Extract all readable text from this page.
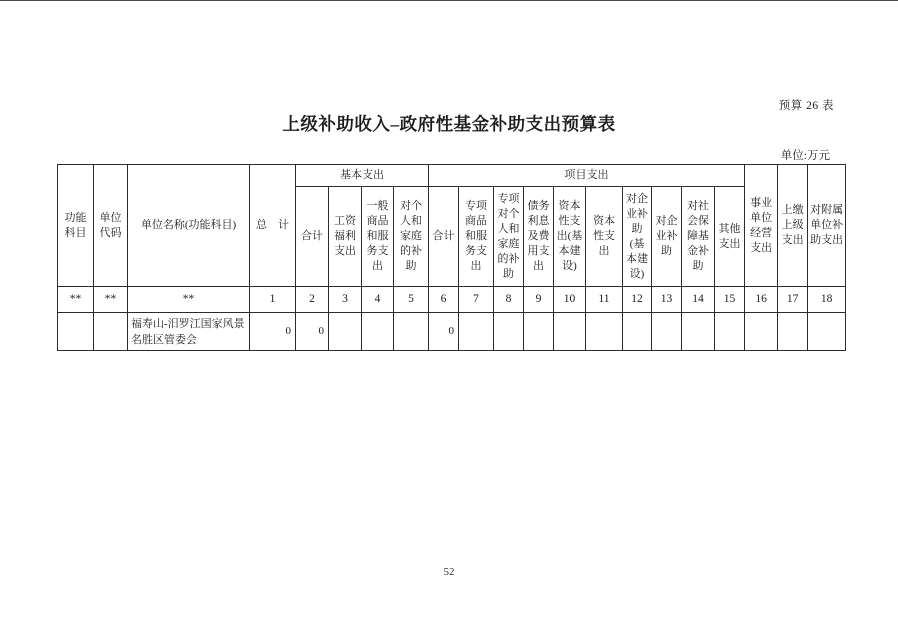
预算 26 表
上级补助收入–政府性基金补助支出预算表
单位:万元
功能科目	单位代码	单位名称(功能科目)	总　计	基本支出				项目支出										事业单位经营支出	上缴上级支出	对附属单位补助支出
				合计	工资福利支出	一般商品和服务支出	对个人和家庭的补助	合计	专项商品和服务支出	专项对个人和家庭的补助	债务利息及费用支出	资本性支出(基本建设)	资本性支出	对企业补助(基本建设)	对企业补助	对社会保障基金补助	其他支出			
**	**	**	1	2	3	4	5	6	7	8	9	10	11	12	13	14	15	16	17	18
		福寿山-汨罗江国家风景名胜区管委会	0	0				0												
52
